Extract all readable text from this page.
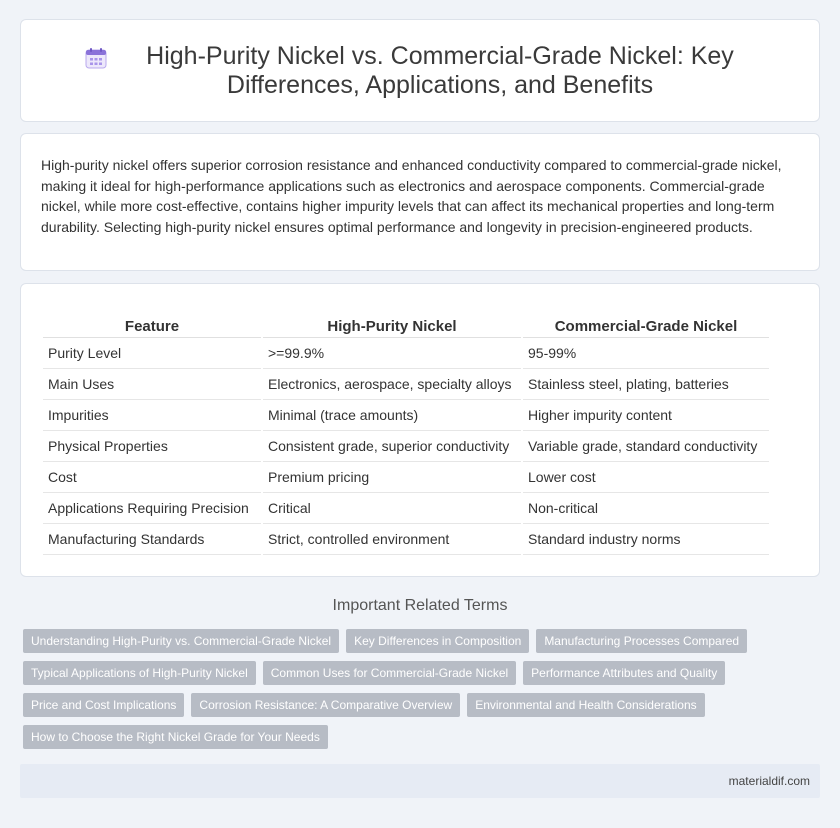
High-Purity Nickel vs. Commercial-Grade Nickel: Key Differences, Applications, and Benefits

High-purity nickel offers superior corrosion resistance and enhanced conductivity compared to commercial-grade nickel, making it ideal for high-performance applications such as electronics and aerospace components. Commercial-grade nickel, while more cost-effective, contains higher impurity levels that can affect its mechanical properties and long-term durability. Selecting high-purity nickel ensures optimal performance and longevity in precision-engineered products.

Feature	High-Purity Nickel	Commercial-Grade Nickel
Purity Level	>=99.9%	95-99%
Main Uses	Electronics, aerospace, specialty alloys	Stainless steel, plating, batteries
Impurities	Minimal (trace amounts)	Higher impurity content
Physical Properties	Consistent grade, superior conductivity	Variable grade, standard conductivity
Cost	Premium pricing	Lower cost
Applications Requiring Precision	Critical	Non-critical
Manufacturing Standards	Strict, controlled environment	Standard industry norms
Important Related Terms
Understanding High-Purity vs. Commercial-Grade Nickel	Key Differences in Composition	Manufacturing Processes Compared
Typical Applications of High-Purity Nickel	Common Uses for Commercial-Grade Nickel	Performance Attributes and Quality
Price and Cost Implications	Corrosion Resistance: A Comparative Overview	Environmental and Health Considerations
How to Choose the Right Nickel Grade for Your Needs
materialdif.com
